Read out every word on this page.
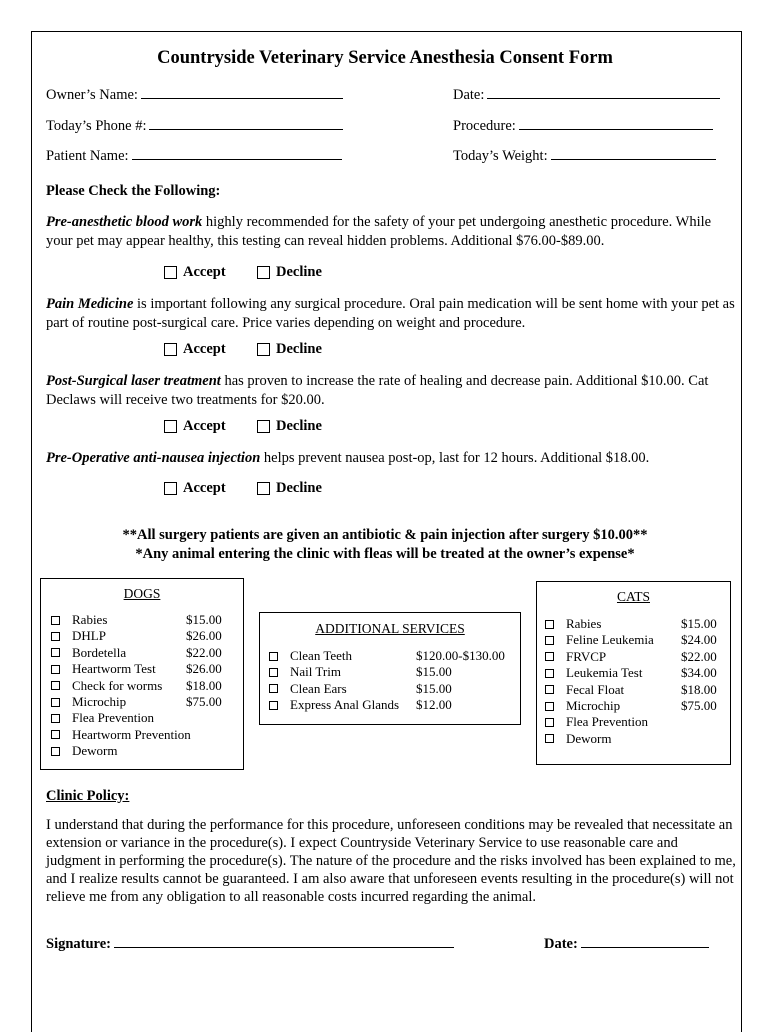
Countryside Veterinary Service Anesthesia Consent Form
Owner’s Name:	Date:
Today’s Phone #:	Procedure:
Patient Name:	Today’s Weight:
Please Check the Following:
Pre-anesthetic blood work highly recommended for the safety of your pet undergoing anesthetic procedure. While your pet may appear healthy, this testing can reveal hidden problems. Additional $76.00-$89.00.
Accept	Decline
Pain Medicine is important following any surgical procedure. Oral pain medication will be sent home with your pet as part of routine post-surgical care. Price varies depending on weight and procedure.
Accept	Decline
Post-Surgical laser treatment has proven to increase the rate of healing and decrease pain. Additional $10.00. Cat Declaws will receive two treatments for $20.00.
Accept	Decline
Pre-Operative anti-nausea injection helps prevent nausea post-op, last for 12 hours. Additional $18.00.
Accept	Decline
**All surgery patients are given an antibiotic & pain injection after surgery $10.00**
*Any animal entering the clinic with fleas will be treated at the owner’s expense*
DOGS
Rabies	$15.00
DHLP	$26.00
Bordetella	$22.00
Heartworm Test $26.00
Check for worms $18.00
Microchip	$75.00
Flea Prevention
Heartworm Prevention
Deworm
ADDITIONAL SERVICES
Clean Teeth	$120.00-$130.00
Nail Trim	$15.00
Clean Ears	$15.00
Express Anal Glands $12.00
CATS
Rabies	$15.00
Feline Leukemia $24.00
FRVCP	$22.00
Leukemia Test	$34.00
Fecal Float	$18.00
Microchip	$75.00
Flea Prevention
Deworm
Clinic Policy:
I understand that during the performance for this procedure, unforeseen conditions may be revealed that necessitate an extension or variance in the procedure(s). I expect Countryside Veterinary Service to use reasonable care and judgment in performing the procedure(s). The nature of the procedure and the risks involved has been explained to me, and I realize results cannot be guaranteed. I am also aware that unforeseen events resulting in the procedure(s) will not relieve me from any obligation to all reasonable costs incurred regarding the animal.
Signature:	Date:
